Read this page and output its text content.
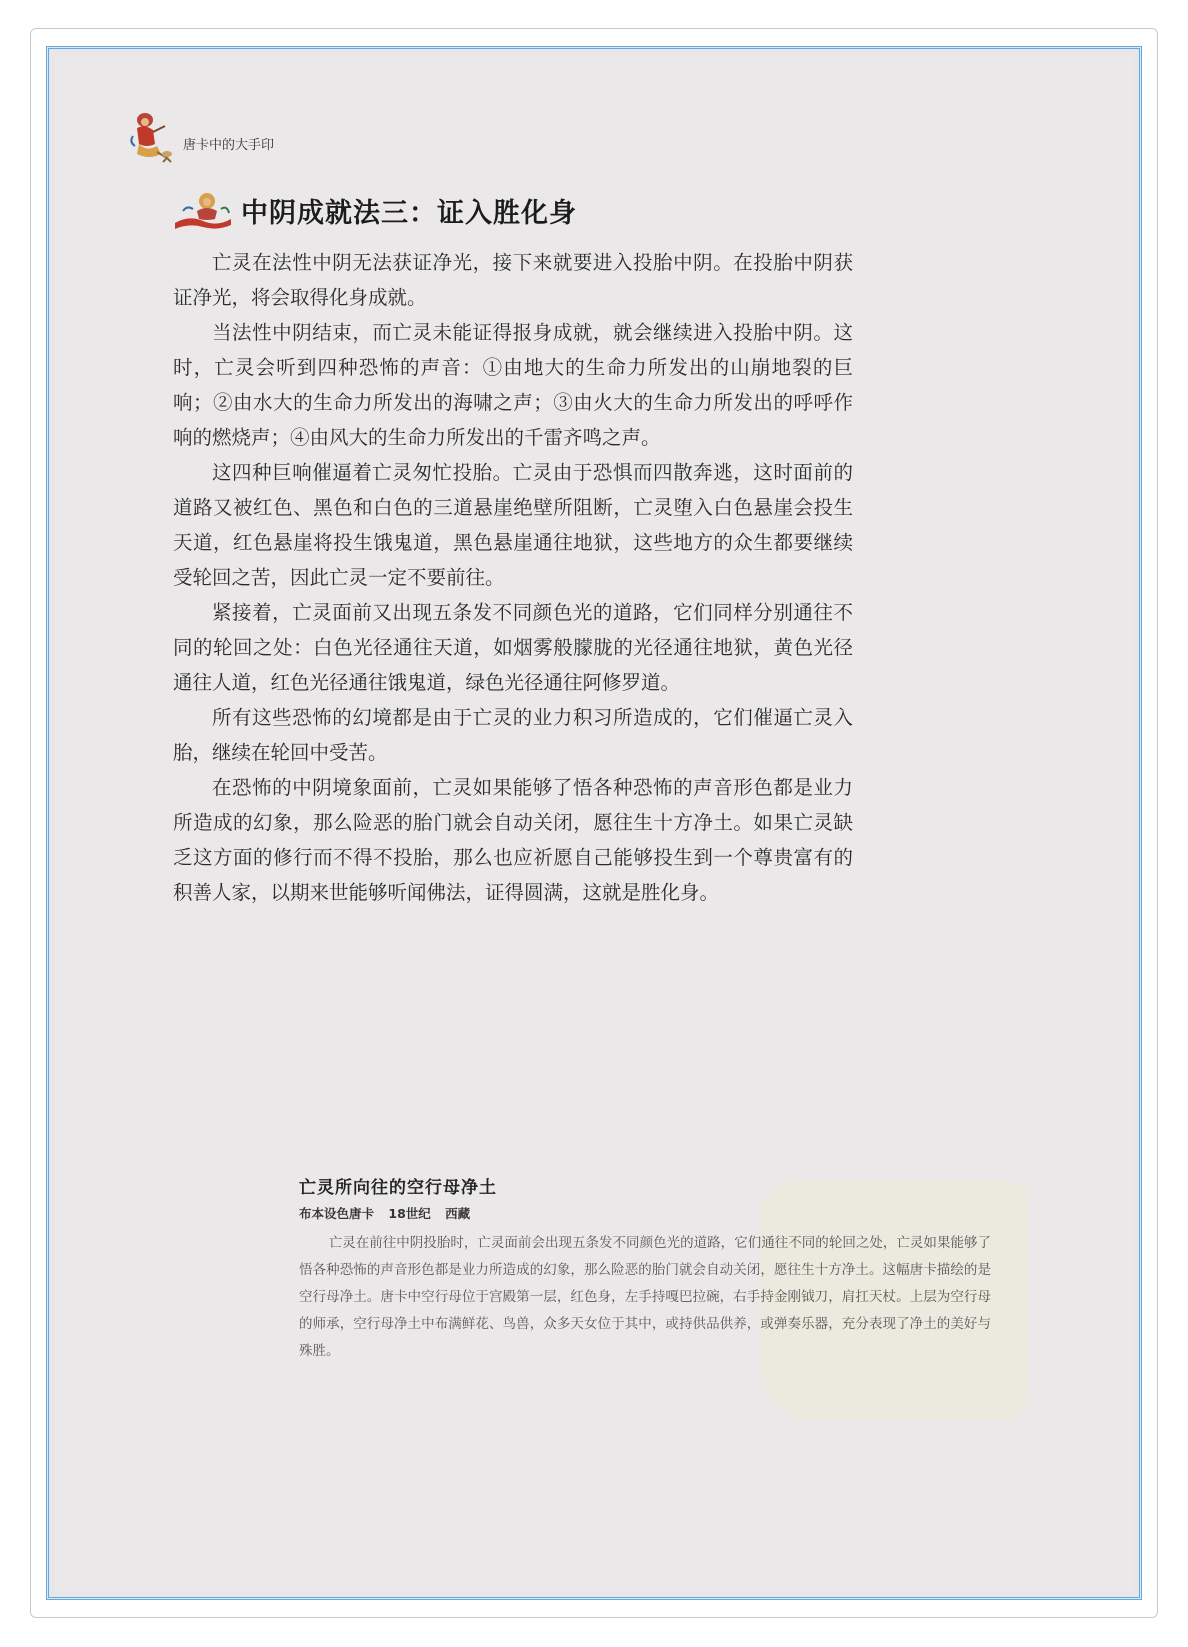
唐卡中的大手印
中阴成就法三：证入胜化身

亡灵在法性中阴无法获证净光，接下来就要进入投胎中阴。在投胎中阴获证净光，将会取得化身成就。

当法性中阴结束，而亡灵未能证得报身成就，就会继续进入投胎中阴。这时，亡灵会听到四种恐怖的声音：①由地大的生命力所发出的山崩地裂的巨响；②由水大的生命力所发出的海啸之声；③由火大的生命力所发出的呼呼作响的燃烧声；④由风大的生命力所发出的千雷齐鸣之声。

这四种巨响催逼着亡灵匆忙投胎。亡灵由于恐惧而四散奔逃，这时面前的道路又被红色、黑色和白色的三道悬崖绝壁所阻断，亡灵堕入白色悬崖会投生天道，红色悬崖将投生饿鬼道，黑色悬崖通往地狱，这些地方的众生都要继续受轮回之苦，因此亡灵一定不要前往。

紧接着，亡灵面前又出现五条发不同颜色光的道路，它们同样分别通往不同的轮回之处：白色光径通往天道，如烟雾般朦胧的光径通往地狱，黄色光径通往人道，红色光径通往饿鬼道，绿色光径通往阿修罗道。

所有这些恐怖的幻境都是由于亡灵的业力积习所造成的，它们催逼亡灵入胎，继续在轮回中受苦。

在恐怖的中阴境象面前，亡灵如果能够了悟各种恐怖的声音形色都是业力所造成的幻象，那么险恶的胎门就会自动关闭，愿往生十方净土。如果亡灵缺乏这方面的修行而不得不投胎，那么也应祈愿自己能够投生到一个尊贵富有的积善人家，以期来世能够听闻佛法，证得圆满，这就是胜化身。

亡灵所向往的空行母净土
布本设色唐卡 18世纪 西藏
亡灵在前往中阴投胎时，亡灵面前会出现五条发不同颜色光的道路，它们通往不同的轮回之处，亡灵如果能够了悟各种恐怖的声音形色都是业力所造成的幻象，那么险恶的胎门就会自动关闭，愿往生十方净土。这幅唐卡描绘的是空行母净土。唐卡中空行母位于宫殿第一层，红色身，左手持嘎巴拉碗，右手持金刚钺刀，肩扛天杖。上层为空行母的师承，空行母净土中布满鲜花、鸟兽，众多天女位于其中，或持供品供养，或弹奏乐器，充分表现了净土的美好与殊胜。
